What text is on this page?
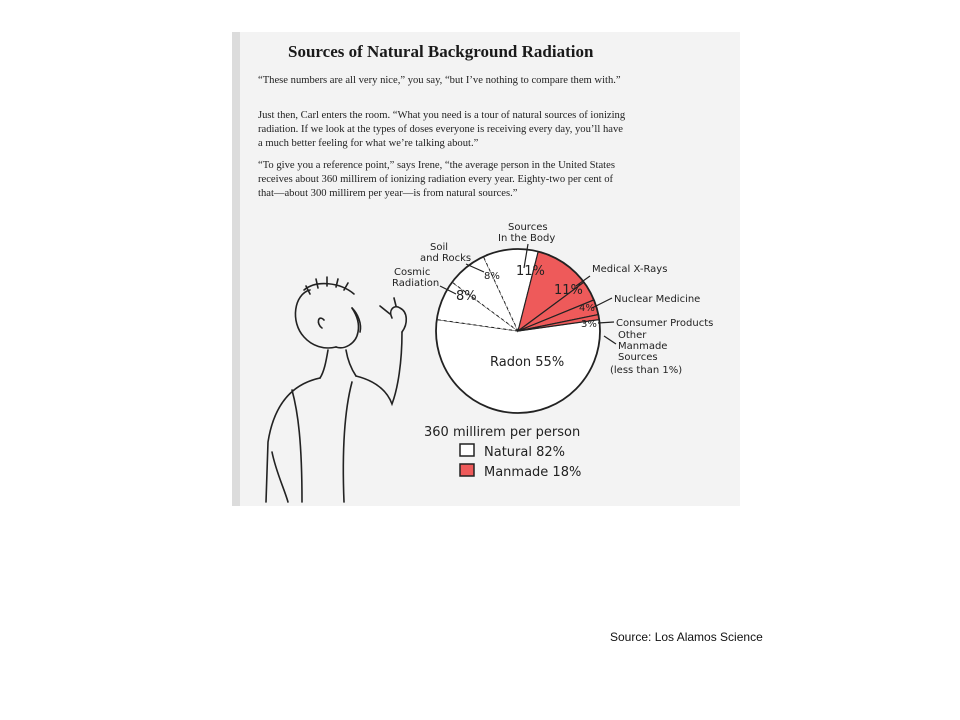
Sources of Natural Background Radiation

“These numbers are all very nice,” you say, “but I’ve nothing to compare them with.”

Just then, Carl enters the room. “What you need is a tour of natural sources of ionizing radiation. If we look at the types of doses everyone is receiving every day, you’ll have a much better feeling for what we’re talking about.”

“To give you a reference point,” says Irene, “the average person in the United States receives about 360 millirem of ionizing radiation every year. Eighty-two per cent of that—about 300 millirem per year—is from natural sources.”

Radon 55%
Cosmic
Radiation
8%
Soil
and Rocks
8%
Sources
In the Body
11%	Medical X-Rays
11%
Nuclear Medicine
4%
Consumer Products
3%
Other
Manmade
Sources
(less than 1%)
360 millirem per person
Natural 82%
Manmade 18%
Source: Los Alamos Science
